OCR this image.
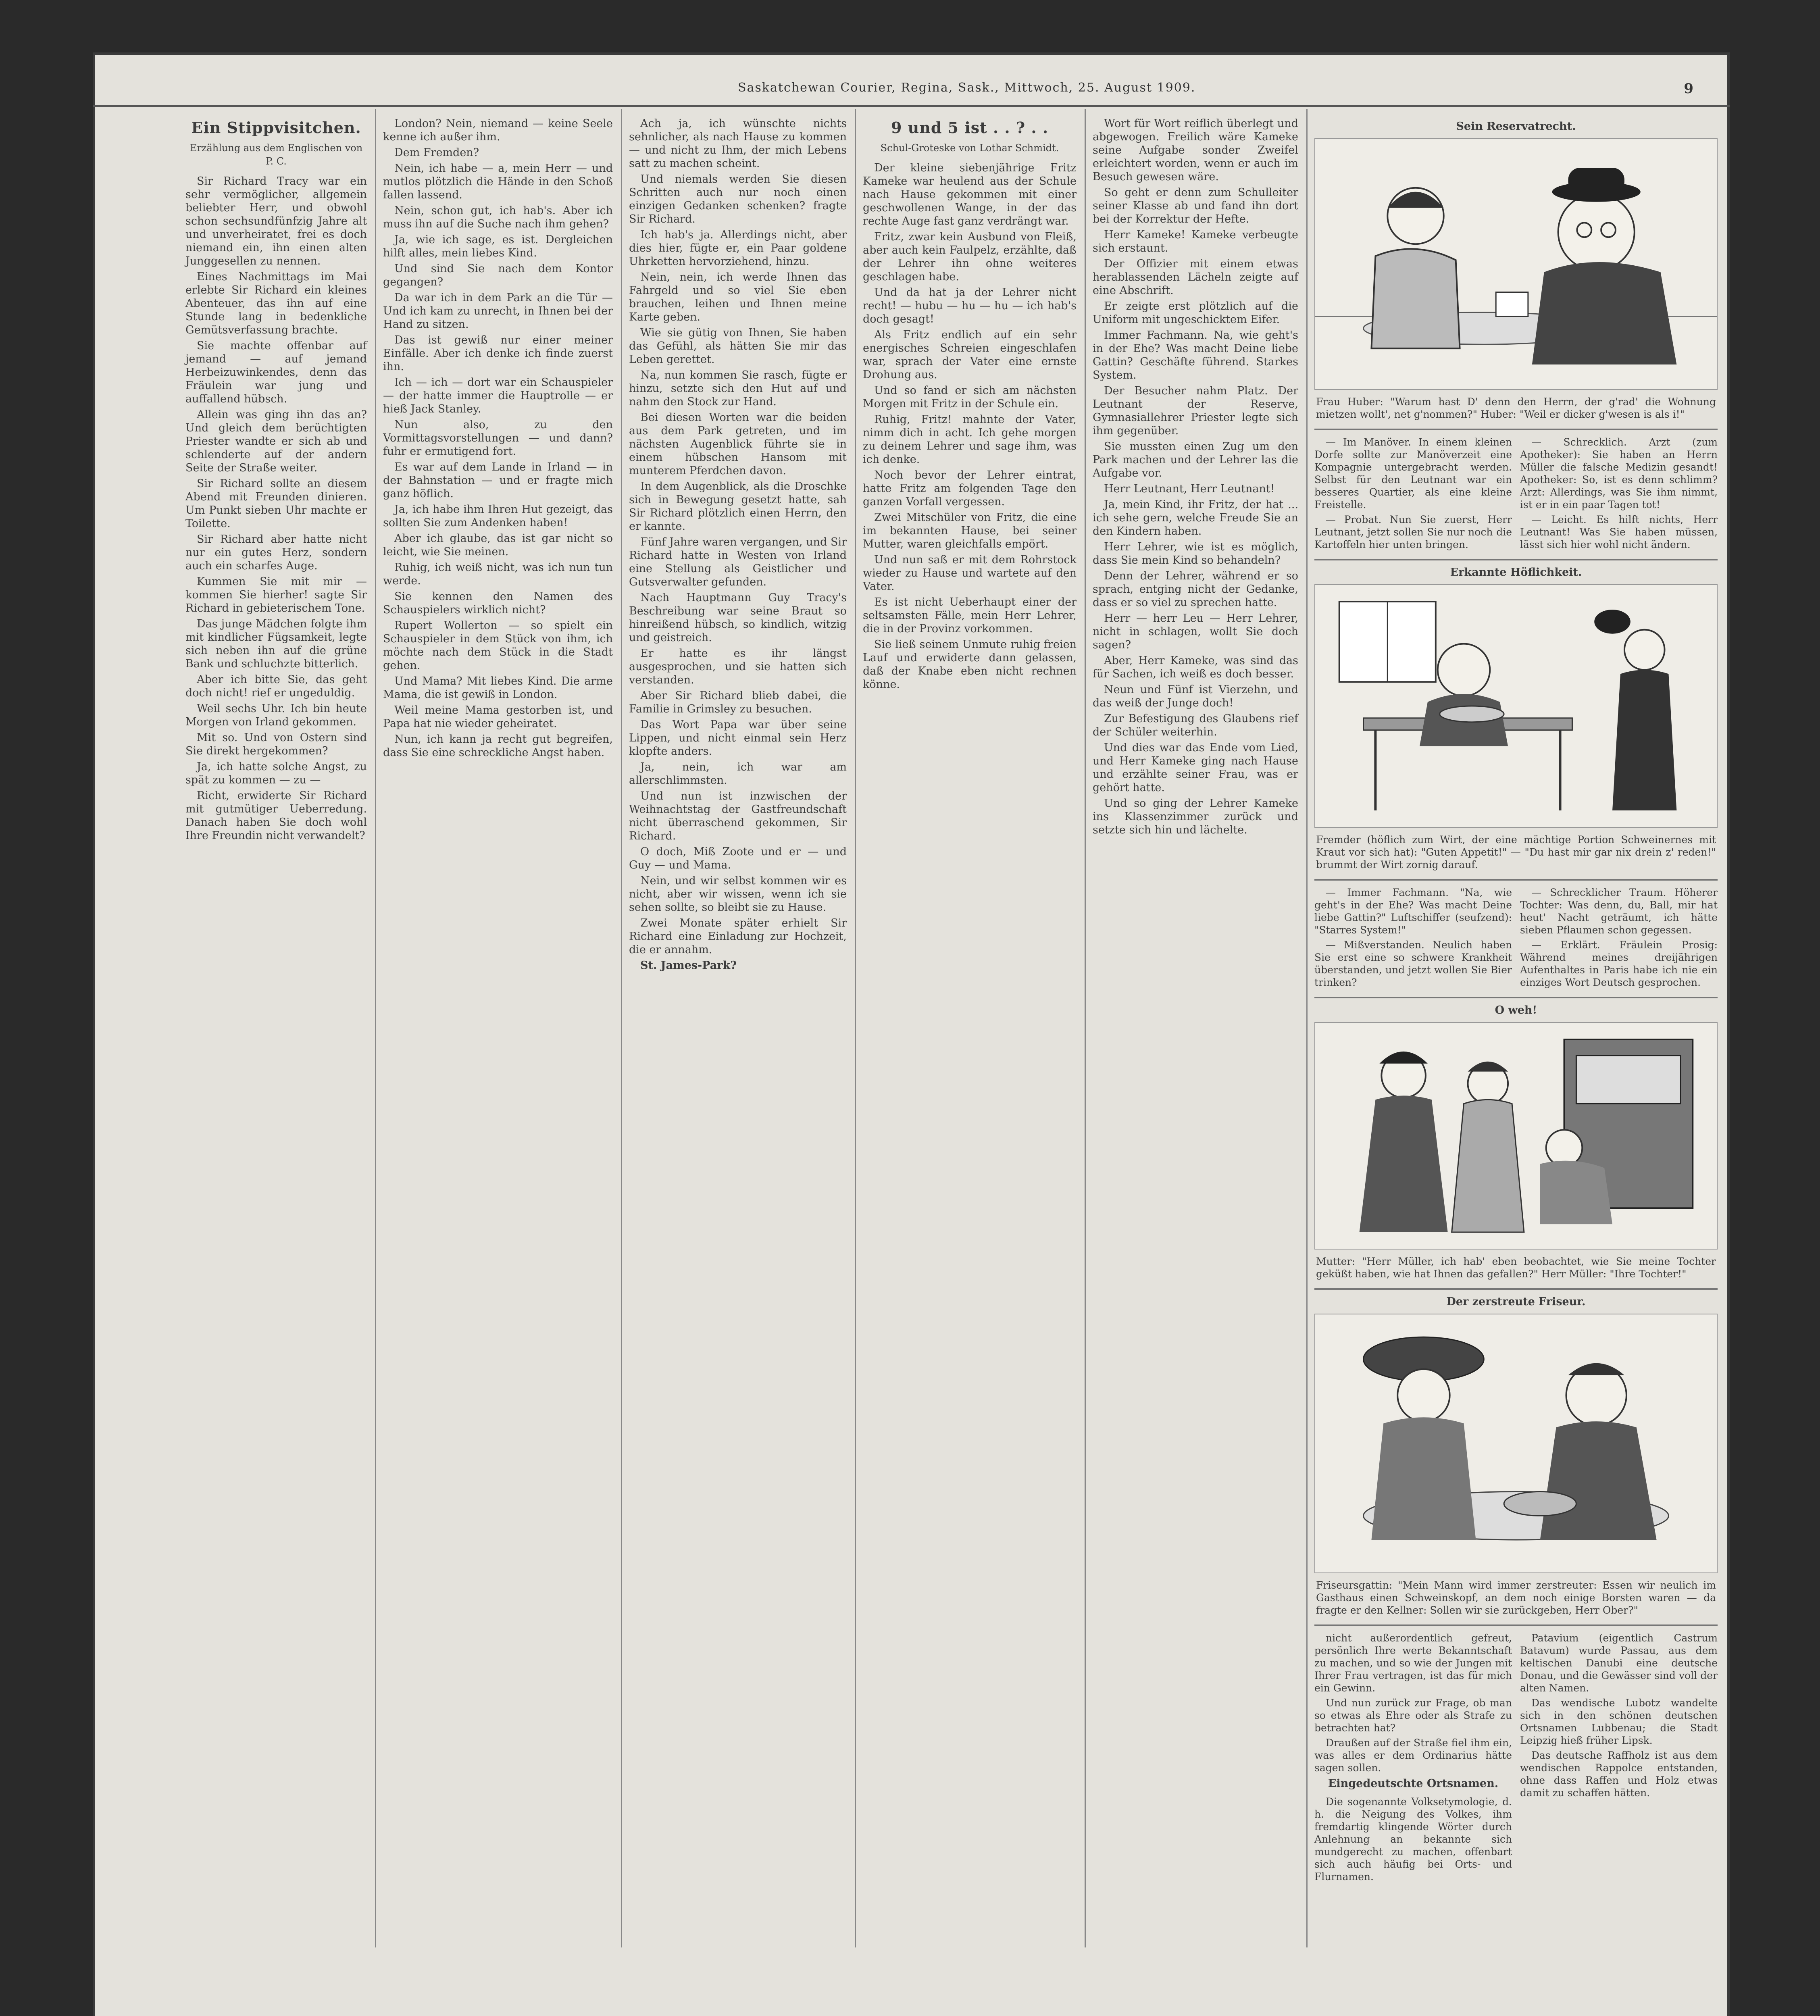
Saskatchewan Courier, Regina, Sask., Mittwoch, 25. August 1909.	9
Ein Stippvisitchen.
Erzählung aus dem Englischen von P. C.

Sir Richard Tracy war ein sehr vermöglicher, allgemein beliebter Herr, und obwohl schon sechsundfünfzig Jahre alt und unverheiratet, frei es doch niemand ein, ihn einen alten Junggesellen zu nennen.

Eines Nachmittags im Mai erlebte Sir Richard ein kleines Abenteuer, das ihn auf eine Stunde lang in bedenkliche Gemütsverfassung brachte.

Sie machte offenbar auf jemand — auf jemand Herbeizuwinkendes, denn das Fräulein war jung und auffallend hübsch.

Allein was ging ihn das an? Und gleich dem berüchtigten Priester wandte er sich ab und schlenderte auf der andern Seite der Straße weiter.

Sir Richard sollte an diesem Abend mit Freunden dinieren. Um Punkt sieben Uhr machte er Toilette.

Sir Richard aber hatte nicht nur ein gutes Herz, sondern auch ein scharfes Auge.

Kummen Sie mit mir — kommen Sie hierher! sagte Sir Richard in gebieterischem Tone.

Das junge Mädchen folgte ihm mit kindlicher Fügsamkeit, legte sich neben ihn auf die grüne Bank und schluchzte bitterlich.

Aber ich bitte Sie, das geht doch nicht! rief er ungeduldig.

Weil sechs Uhr. Ich bin heute Morgen von Irland gekommen.

Mit so. Und von Ostern sind Sie direkt hergekommen?

Ja, ich hatte solche Angst, zu spät zu kommen — zu —

Richt, erwiderte Sir Richard mit gutmütiger Ueberredung. Danach haben Sie doch wohl Ihre Freundin nicht verwandelt?

London? Nein, niemand — keine Seele kenne ich außer ihm.

Dem Fremden?

Nein, ich habe — a, mein Herr — und mutlos plötzlich die Hände in den Schoß fallen lassend.

Nein, schon gut, ich hab's. Aber ich muss ihn auf die Suche nach ihm gehen?

Ja, wie ich sage, es ist. Dergleichen hilft alles, mein liebes Kind.

Und sind Sie nach dem Kontor gegangen?

Da war ich in dem Park an die Tür — Und ich kam zu unrecht, in Ihnen bei der Hand zu sitzen.

Das ist gewiß nur einer meiner Einfälle. Aber ich denke ich finde zuerst ihn.

Ich — ich — dort war ein Schauspieler — der hatte immer die Hauptrolle — er hieß Jack Stanley.

Nun also, zu den Vormittagsvorstellungen — und dann? fuhr er ermutigend fort.

Es war auf dem Lande in Irland — in der Bahnstation — und er fragte mich ganz höflich.

Ja, ich habe ihm Ihren Hut gezeigt, das sollten Sie zum Andenken haben!

Aber ich glaube, das ist gar nicht so leicht, wie Sie meinen.

Ruhig, ich weiß nicht, was ich nun tun werde.

Sie kennen den Namen des Schauspielers wirklich nicht?

Rupert Wollerton — so spielt ein Schauspieler in dem Stück von ihm, ich möchte nach dem Stück in die Stadt gehen.

Und Mama? Mit liebes Kind. Die arme Mama, die ist gewiß in London.

Weil meine Mama gestorben ist, und Papa hat nie wieder geheiratet.

Nun, ich kann ja recht gut begreifen, dass Sie eine schreckliche Angst haben.

Ach ja, ich wünschte nichts sehnlicher, als nach Hause zu kommen — und nicht zu Ihm, der mich Lebens satt zu machen scheint.

Und niemals werden Sie diesen Schritten auch nur noch einen einzigen Gedanken schenken? fragte Sir Richard.

Ich hab's ja. Allerdings nicht, aber dies hier, fügte er, ein Paar goldene Uhrketten hervorziehend, hinzu.

Nein, nein, ich werde Ihnen das Fahrgeld und so viel Sie eben brauchen, leihen und Ihnen meine Karte geben.

Wie sie gütig von Ihnen, Sie haben das Gefühl, als hätten Sie mir das Leben gerettet.

Na, nun kommen Sie rasch, fügte er hinzu, setzte sich den Hut auf und nahm den Stock zur Hand.

Bei diesen Worten war die beiden aus dem Park getreten, und im nächsten Augenblick führte sie in einem hübschen Hansom mit munterem Pferdchen davon.

In dem Augenblick, als die Droschke sich in Bewegung gesetzt hatte, sah Sir Richard plötzlich einen Herrn, den er kannte.

Fünf Jahre waren vergangen, und Sir Richard hatte in Westen von Irland eine Stellung als Geistlicher und Gutsverwalter gefunden.

Nach Hauptmann Guy Tracy's Beschreibung war seine Braut so hinreißend hübsch, so kindlich, witzig und geistreich.

Er hatte es ihr längst ausgesprochen, und sie hatten sich verstanden.

Aber Sir Richard blieb dabei, die Familie in Grimsley zu besuchen.

Das Wort Papa war über seine Lippen, und nicht einmal sein Herz klopfte anders.

Ja, nein, ich war am allerschlimmsten.

Und nun ist inzwischen der Weihnachtstag der Gastfreundschaft nicht überraschend gekommen, Sir Richard.

O doch, Miß Zoote und er — und Guy — und Mama.

Nein, und wir selbst kommen wir es nicht, aber wir wissen, wenn ich sie sehen sollte, so bleibt sie zu Hause.

Zwei Monate später erhielt Sir Richard eine Einladung zur Hochzeit, die er annahm.

St. James-Park?

9 und 5 ist . . ? . .
Schul-Groteske von Lothar Schmidt.

Der kleine siebenjährige Fritz Kameke war heulend aus der Schule nach Hause gekommen mit einer geschwollenen Wange, in der das rechte Auge fast ganz verdrängt war.

Fritz, zwar kein Ausbund von Fleiß, aber auch kein Faulpelz, erzählte, daß der Lehrer ihn ohne weiteres geschlagen habe.

Und da hat ja der Lehrer nicht recht! — hubu — hu — hu — ich hab's doch gesagt!

Als Fritz endlich auf ein sehr energisches Schreien eingeschlafen war, sprach der Vater eine ernste Drohung aus.

Und so fand er sich am nächsten Morgen mit Fritz in der Schule ein.

Ruhig, Fritz! mahnte der Vater, nimm dich in acht. Ich gehe morgen zu deinem Lehrer und sage ihm, was ich denke.

Noch bevor der Lehrer eintrat, hatte Fritz am folgenden Tage den ganzen Vorfall vergessen.

Zwei Mitschüler von Fritz, die eine im bekannten Hause, bei seiner Mutter, waren gleichfalls empört.

Und nun saß er mit dem Rohrstock wieder zu Hause und wartete auf den Vater.

Es ist nicht Ueberhaupt einer der seltsamsten Fälle, mein Herr Lehrer, die in der Provinz vorkommen.

Sie ließ seinem Unmute ruhig freien Lauf und erwiderte dann gelassen, daß der Knabe eben nicht rechnen könne.

Wort für Wort reiflich überlegt und abgewogen. Freilich wäre Kameke seine Aufgabe sonder Zweifel erleichtert worden, wenn er auch im Besuch gewesen wäre.

So geht er denn zum Schulleiter seiner Klasse ab und fand ihn dort bei der Korrektur der Hefte.

Herr Kameke! Kameke verbeugte sich erstaunt.

Der Offizier mit einem etwas herablassenden Lächeln zeigte auf eine Abschrift.

Er zeigte erst plötzlich auf die Uniform mit ungeschicktem Eifer.

Immer Fachmann. Na, wie geht's in der Ehe? Was macht Deine liebe Gattin? Geschäfte führend. Starkes System.

Der Besucher nahm Platz. Der Leutnant der Reserve, Gymnasiallehrer Priester legte sich ihm gegenüber.

Sie mussten einen Zug um den Park machen und der Lehrer las die Aufgabe vor.

Herr Leutnant, Herr Leutnant!

Ja, mein Kind, ihr Fritz, der hat ... ich sehe gern, welche Freude Sie an den Kindern haben.

Herr Lehrer, wie ist es möglich, dass Sie mein Kind so behandeln?

Denn der Lehrer, während er so sprach, entging nicht der Gedanke, dass er so viel zu sprechen hatte.

Herr — herr Leu — Herr Lehrer, nicht in schlagen, wollt Sie doch sagen?

Aber, Herr Kameke, was sind das für Sachen, ich weiß es doch besser.

Neun und Fünf ist Vierzehn, und das weiß der Junge doch!

Zur Befestigung des Glaubens rief der Schüler weiterhin.

Und dies war das Ende vom Lied, und Herr Kameke ging nach Hause und erzählte seiner Frau, was er gehört hatte.

Und so ging der Lehrer Kameke ins Klassenzimmer zurück und setzte sich hin und lächelte.

Sein Reservatrecht.
Frau Huber: "Warum hast D' denn den Herrn, der g'rad' die Wohnung mietzen wollt', net g'nommen?" Huber: "Weil er dicker g'wesen is als i!"

— Im Manöver. In einem kleinen Dorfe sollte zur Manöverzeit eine Kompagnie untergebracht werden. Selbst für den Leutnant war ein besseres Quartier, als eine kleine Freistelle.

— Probat. Nun Sie zuerst, Herr Leutnant, jetzt sollen Sie nur noch die Kartoffeln hier unten bringen.

— Schrecklich. Arzt (zum Apotheker): Sie haben an Herrn Müller die falsche Medizin gesandt! Apotheker: So, ist es denn schlimm? Arzt: Allerdings, was Sie ihm nimmt, ist er in ein paar Tagen tot!

— Leicht. Es hilft nichts, Herr Leutnant! Was Sie haben müssen, lässt sich hier wohl nicht ändern.

Erkannte Höflichkeit.
Fremder (höflich zum Wirt, der eine mächtige Portion Schweinernes mit Kraut vor sich hat): "Guten Appetit!" — "Du hast mir gar nix drein z' reden!" brummt der Wirt zornig darauf.

— Immer Fachmann. "Na, wie geht's in der Ehe? Was macht Deine liebe Gattin?" Luftschiffer (seufzend): "Starres System!"

— Mißverstanden. Neulich haben Sie erst eine so schwere Krankheit überstanden, und jetzt wollen Sie Bier trinken?

— Schrecklicher Traum. Höherer Tochter: Was denn, du, Ball, mir hat heut' Nacht geträumt, ich hätte sieben Pflaumen schon gegessen.

— Erklärt. Fräulein Prosig: Während meines dreijährigen Aufenthaltes in Paris habe ich nie ein einziges Wort Deutsch gesprochen.

O weh!
Mutter: "Herr Müller, ich hab' eben beobachtet, wie Sie meine Tochter geküßt haben, wie hat Ihnen das gefallen?" Herr Müller: "Ihre Tochter!"
Der zerstreute Friseur.
Friseursgattin: "Mein Mann wird immer zerstreuter: Essen wir neulich im Gasthaus einen Schweinskopf, an dem noch einige Borsten waren — da fragte er den Kellner: Sollen wir sie zurückgeben, Herr Ober?"

nicht außerordentlich gefreut, persönlich Ihre werte Bekanntschaft zu machen, und so wie der Jungen mit Ihrer Frau vertragen, ist das für mich ein Gewinn.

Und nun zurück zur Frage, ob man so etwas als Ehre oder als Strafe zu betrachten hat?

Draußen auf der Straße fiel ihm ein, was alles er dem Ordinarius hätte sagen sollen.

Eingedeutschte Ortsnamen.

Die sogenannte Volksetymologie, d. h. die Neigung des Volkes, ihm fremdartig klingende Wörter durch Anlehnung an bekannte sich mundgerecht zu machen, offenbart sich auch häufig bei Orts- und Flurnamen.

Patavium (eigentlich Castrum Batavum) wurde Passau, aus dem keltischen Danubi eine deutsche Donau, und die Gewässer sind voll der alten Namen.

Das wendische Lubotz wandelte sich in den schönen deutschen Ortsnamen Lubbenau; die Stadt Leipzig hieß früher Lipsk.

Das deutsche Raffholz ist aus dem wendischen Rappolce entstanden, ohne dass Raffen und Holz etwas damit zu schaffen hätten.
